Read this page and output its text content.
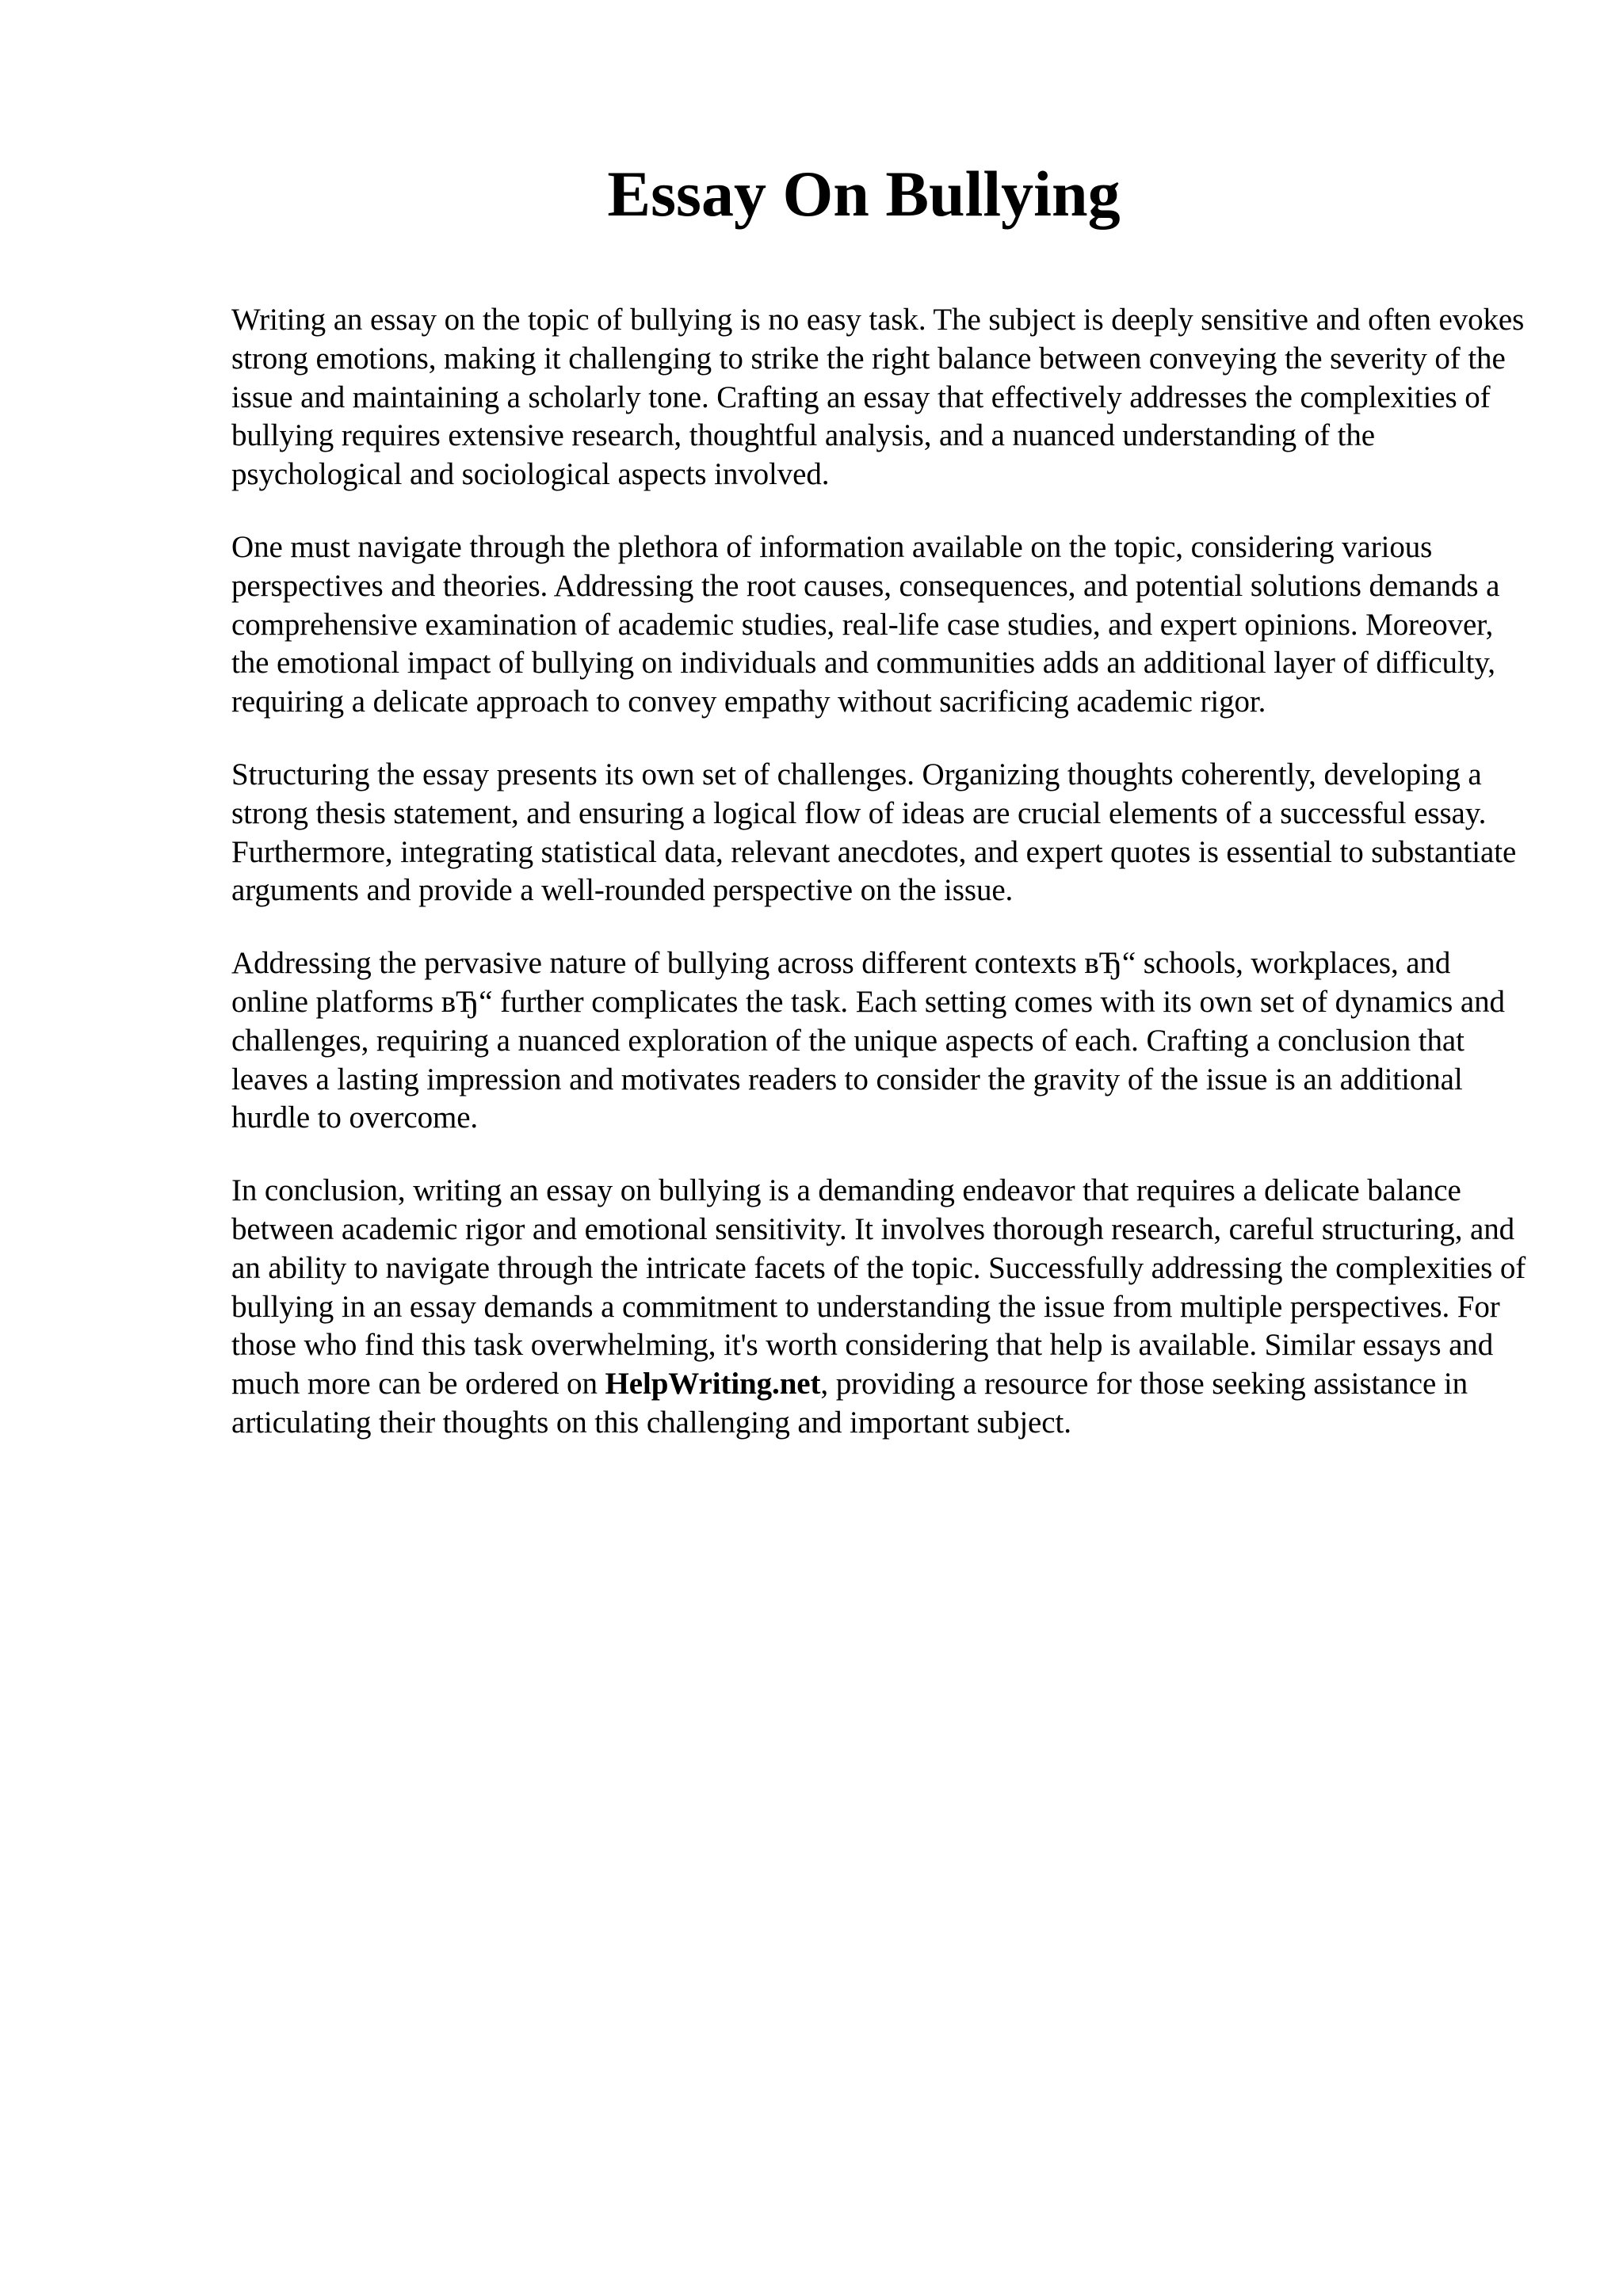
Essay On Bullying

Writing an essay on the topic of bullying is no easy task. The subject is deeply sensitive and often evokes strong emotions, making it challenging to strike the right balance between conveying the severity of the issue and maintaining a scholarly tone. Crafting an essay that effectively addresses the complexities of bullying requires extensive research, thoughtful analysis, and a nuanced understanding of the psychological and sociological aspects involved.

One must navigate through the plethora of information available on the topic, considering various perspectives and theories. Addressing the root causes, consequences, and potential solutions demands a comprehensive examination of academic studies, real-life case studies, and expert opinions. Moreover, the emotional impact of bullying on individuals and communities adds an additional layer of difficulty, requiring a delicate approach to convey empathy without sacrificing academic rigor.

Structuring the essay presents its own set of challenges. Organizing thoughts coherently, developing a strong thesis statement, and ensuring a logical flow of ideas are crucial elements of a successful essay. Furthermore, integrating statistical data, relevant anecdotes, and expert quotes is essential to substantiate arguments and provide a well-rounded perspective on the issue.

Addressing the pervasive nature of bullying across different contexts вЂ“ schools, workplaces, and online platforms вЂ“ further complicates the task. Each setting comes with its own set of dynamics and challenges, requiring a nuanced exploration of the unique aspects of each. Crafting a conclusion that leaves a lasting impression and motivates readers to consider the gravity of the issue is an additional hurdle to overcome.

In conclusion, writing an essay on bullying is a demanding endeavor that requires a delicate balance between academic rigor and emotional sensitivity. It involves thorough research, careful structuring, and an ability to navigate through the intricate facets of the topic. Successfully addressing the complexities of bullying in an essay demands a commitment to understanding the issue from multiple perspectives. For those who find this task overwhelming, it's worth considering that help is available. Similar essays and much more can be ordered on HelpWriting.net, providing a resource for those seeking assistance in articulating their thoughts on this challenging and important subject.
